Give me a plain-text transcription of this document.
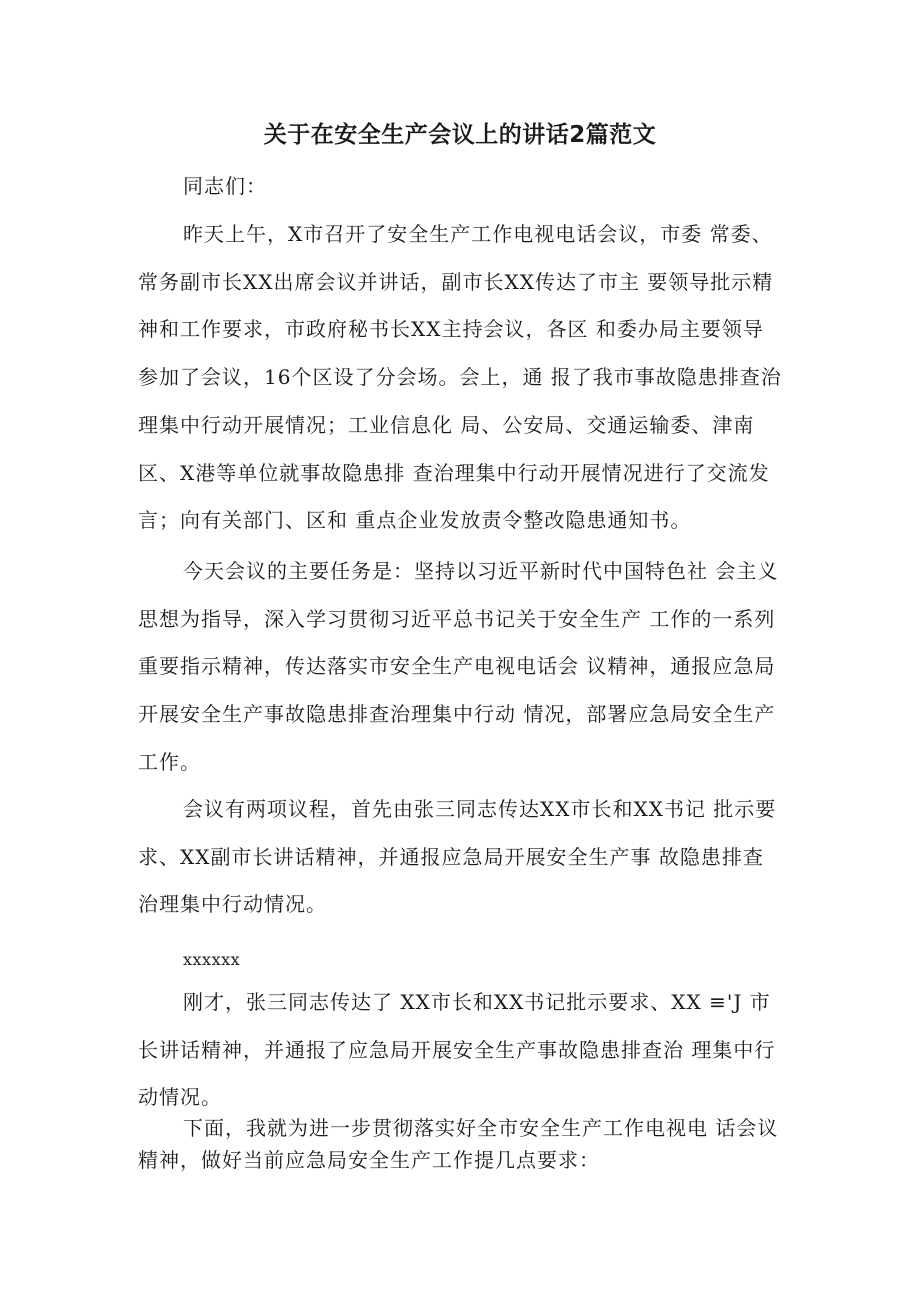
关于在安全生产会议上的讲话2篇范文
同志们：

昨天上午，X市召开了安全生产工作电视电话会议，市委 常委、常务副市长XX出席会议并讲话，副市长XX传达了市主 要领导批示精神和工作要求，市政府秘书长XX主持会议，各区 和委办局主要领导参加了会议，16个区设了分会场。会上，通 报了我市事故隐患排查治理集中行动开展情况；工业信息化 局、公安局、交通运输委、津南区、X港等单位就事故隐患排 查治理集中行动开展情况进行了交流发言；向有关部门、区和 重点企业发放责令整改隐患通知书。

今天会议的主要任务是：坚持以习近平新时代中国特色社 会主义思想为指导，深入学习贯彻习近平总书记关于安全生产 工作的一系列重要指示精神，传达落实市安全生产电视电话会 议精神，通报应急局开展安全生产事故隐患排查治理集中行动 情况，部署应急局安全生产工作。

会议有两项议程，首先由张三同志传达XX市长和XX书记 批示要求、XX副市长讲话精神，并通报应急局开展安全生产事 故隐患排查治理集中行动情况。

xxxxxx

刚才，张三同志传达了 XX市长和XX书记批示要求、XX ≡'J 市长讲话精神，并通报了应急局开展安全生产事故隐患排查治 理集中行动情况。

下面，我就为进一步贯彻落实好全市安全生产工作电视电 话会议精神，做好当前应急局安全生产工作提几点要求：
